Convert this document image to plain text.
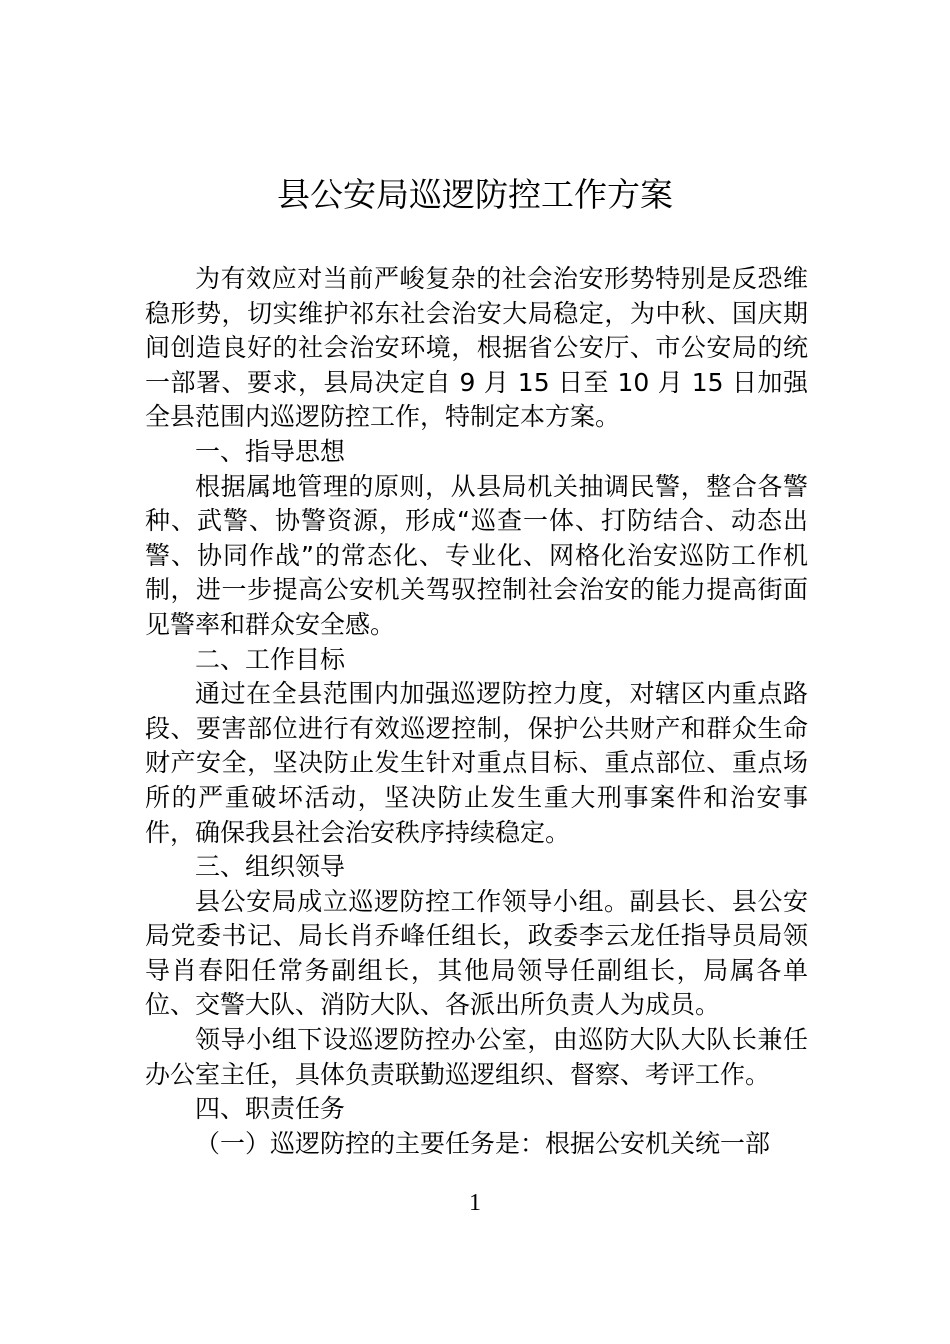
县公安局巡逻防控工作方案

为有效应对当前严峻复杂的社会治安形势特别是反恐维稳形势，切实维护祁东社会治安大局稳定，为中秋、国庆期间创造良好的社会治安环境，根据省公安厅、市公安局的统一部署、要求，县局决定自 9 月 15 日至 10 月 15 日加强全县范围内巡逻防控工作，特制定本方案。

一、指导思想

根据属地管理的原则，从县局机关抽调民警，整合各警种、武警、协警资源，形成“巡查一体、打防结合、动态出警、协同作战”的常态化、专业化、网格化治安巡防工作机制，进一步提高公安机关驾驭控制社会治安的能力提高街面见警率和群众安全感。

二、工作目标

通过在全县范围内加强巡逻防控力度，对辖区内重点路段、要害部位进行有效巡逻控制，保护公共财产和群众生命财产安全，坚决防止发生针对重点目标、重点部位、重点场所的严重破坏活动，坚决防止发生重大刑事案件和治安事件，确保我县社会治安秩序持续稳定。

三、组织领导

县公安局成立巡逻防控工作领导小组。副县长、县公安局党委书记、局长肖乔峰任组长，政委李云龙任指导员局领导肖春阳任常务副组长，其他局领导任副组长，局属各单位、交警大队、消防大队、各派出所负责人为成员。

领导小组下设巡逻防控办公室，由巡防大队大队长兼任办公室主任，具体负责联勤巡逻组织、督察、考评工作。

四、职责任务

（一）巡逻防控的主要任务是：根据公安机关统一部

1
